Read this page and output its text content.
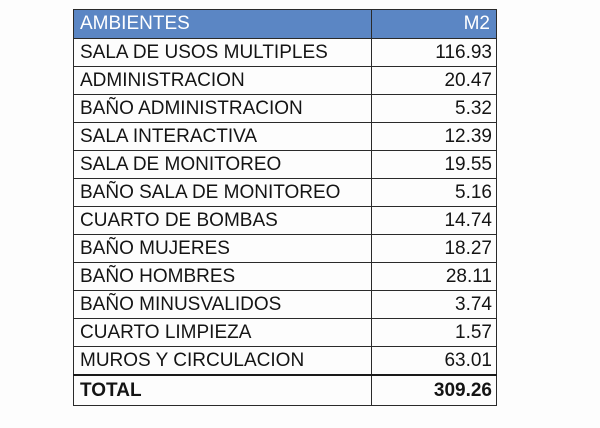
AMBIENTES	M2
SALA DE USOS MULTIPLES	116.93
ADMINISTRACION	20.47
BAÑO ADMINISTRACION	5.32
SALA INTERACTIVA	12.39
SALA DE MONITOREO	19.55
BAÑO SALA DE MONITOREO	5.16
CUARTO DE BOMBAS	14.74
BAÑO MUJERES	18.27
BAÑO HOMBRES	28.11
BAÑO MINUSVALIDOS	3.74
CUARTO LIMPIEZA	1.57
MUROS Y CIRCULACION	63.01
TOTAL	309.26
